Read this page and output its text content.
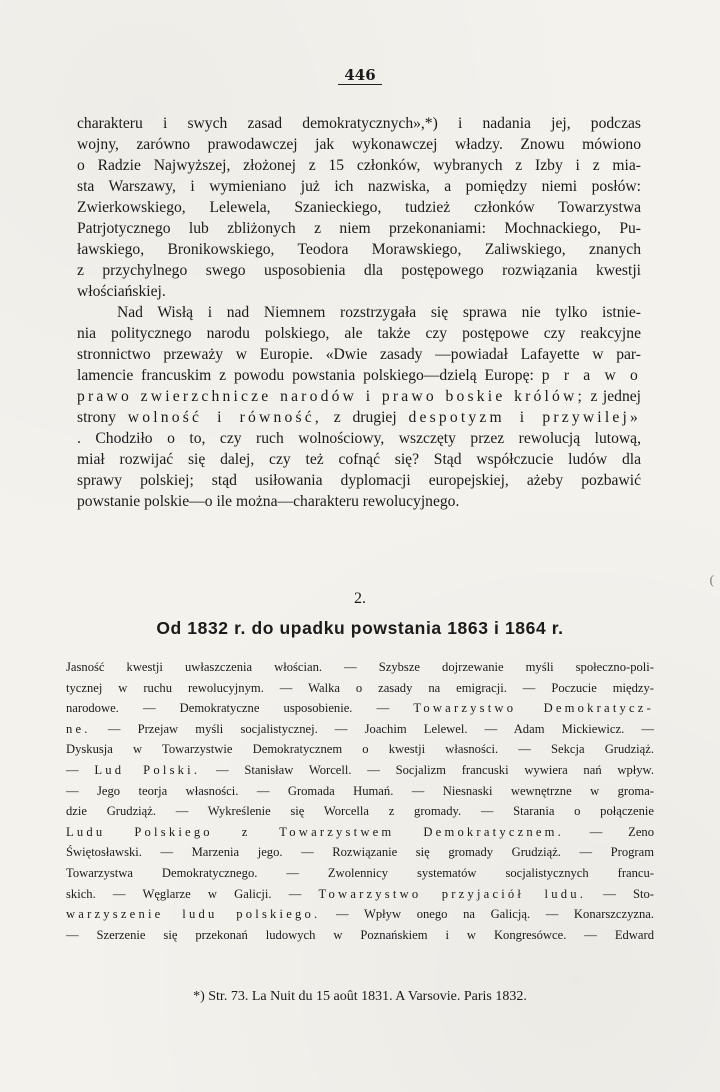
446
charakteru i swych zasad demokratycznych»,*) i nadania jej, podczas
wojny, zarówno prawodawczej jak wykonawczej władzy. Znowu mówiono
o Radzie Najwyższej, złożonej z 15 członków, wybranych z Izby i z mia-
sta Warszawy, i wymieniano już ich nazwiska, a pomiędzy niemi posłów:
Zwierkowskiego, Lelewela, Szanieckiego, tudzież członków Towarzystwa
Patrjotycznego lub zbliżonych z niem przekonaniami: Mochnackiego, Pu-
ławskiego, Bronikowskiego, Teodora Morawskiego, Zaliwskiego, znanych
z przychylnego swego usposobienia dla postępowego rozwiązania kwestji
włościańskiej.
Nad Wisłą i nad Niemnem rozstrzygała się sprawa nie tylko istnie-
nia politycznego narodu polskiego, ale także czy postępowe czy reakcyjne
stronnictwo przeważy w Europie. «Dwie zasady —powiadał Lafayette w par-
lamencie francuskim z powodu powstania polskiego—dzielą Europę: p r a w o
prawo zwierzchnicze narodów i prawo boskie królów; z jednej
strony wolność i równość, z drugiej despotyzm i przywilej»
. Chodziło o to, czy ruch wolnościowy, wszczęty przez rewolucją lutową,
miał rozwijać się dalej, czy też cofnąć się? Stąd współczucie ludów dla
sprawy polskiej; stąd usiłowania dyplomacji europejskiej, ażeby pozbawić
powstanie polskie—o ile można—charakteru rewolucyjnego.
2.
Od 1832 r. do upadku powstania 1863 i 1864 r.
Jasność kwestji uwłaszczenia włościan. — Szybsze dojrzewanie myśli społeczno-poli-
tycznej w ruchu rewolucyjnym. — Walka o zasady na emigracji. — Poczucie między-
narodowe. — Demokratyczne usposobienie. — Towarzystwo Demokratycz-
ne. — Przejaw myśli socjalistycznej. — Joachim Lelewel. — Adam Mickiewicz. —
Dyskusja w Towarzystwie Demokratycznem o kwestji własności. — Sekcja Grudziąż.
— Lud Polski. — Stanisław Worcell. — Socjalizm francuski wywiera nań wpływ.
— Jego teorja własności. — Gromada Humań. — Niesnaski wewnętrzne w groma-
dzie Grudziąż. — Wykreślenie się Worcella z gromady. — Starania o połączenie
Ludu Polskiego z Towarzystwem Demokratycznem. — Zeno
Świętosławski. — Marzenia jego. — Rozwiązanie się gromady Grudziąż. — Program
Towarzystwa Demokratycznego. — Zwolennicy systematów socjalistycznych francu-
skich. — Węglarze w Galicji. — Towarzystwo przyjaciół ludu. — Sto-
warzyszenie ludu polskiego. — Wpływ onego na Galicją. — Konarszczyzna.
— Szerzenie się przekonań ludowych w Poznańskiem i w Kongresówce. — Edward
*) Str. 73. La Nuit du 15 août 1831. A Varsovie. Paris 1832.
(
